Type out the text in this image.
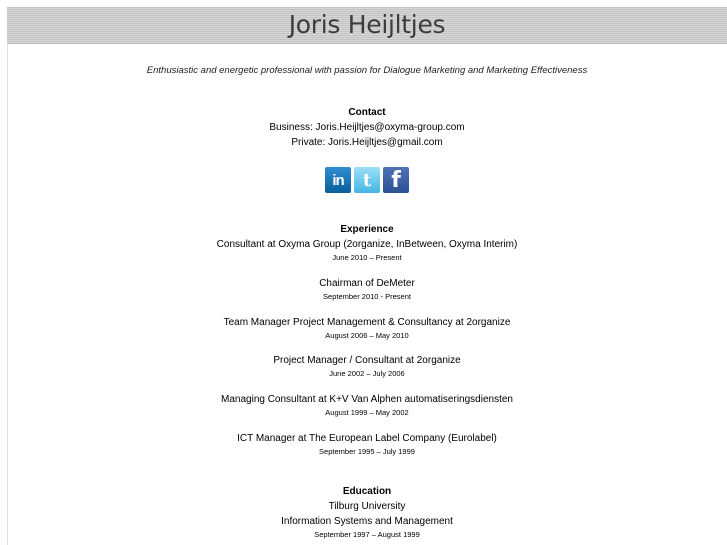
Joris Heijltjes
Enthusiastic and energetic professional with passion for Dialogue Marketing and Marketing Effectiveness
Contact
Business: Joris.Heijltjes@oxyma-group.com
Private: Joris.Heijltjes@gmail.com
in	t f
Experience
Consultant at Oxyma Group (2organize, InBetween, Oxyma Interim)
June 2010 – Present
Chairman of DeMeter
September 2010 - Present
Team Manager Project Management & Consultancy at 2organize
August 2006 – May 2010
Project Manager / Consultant at 2organize
June 2002 – July 2006
Managing Consultant at K+V Van Alphen automatiseringsdiensten
August 1999 – May 2002
ICT Manager at The European Label Company (Eurolabel)
September 1995 – July 1999
Education
Tilburg University
Information Systems and Management
September 1997 – August 1999
